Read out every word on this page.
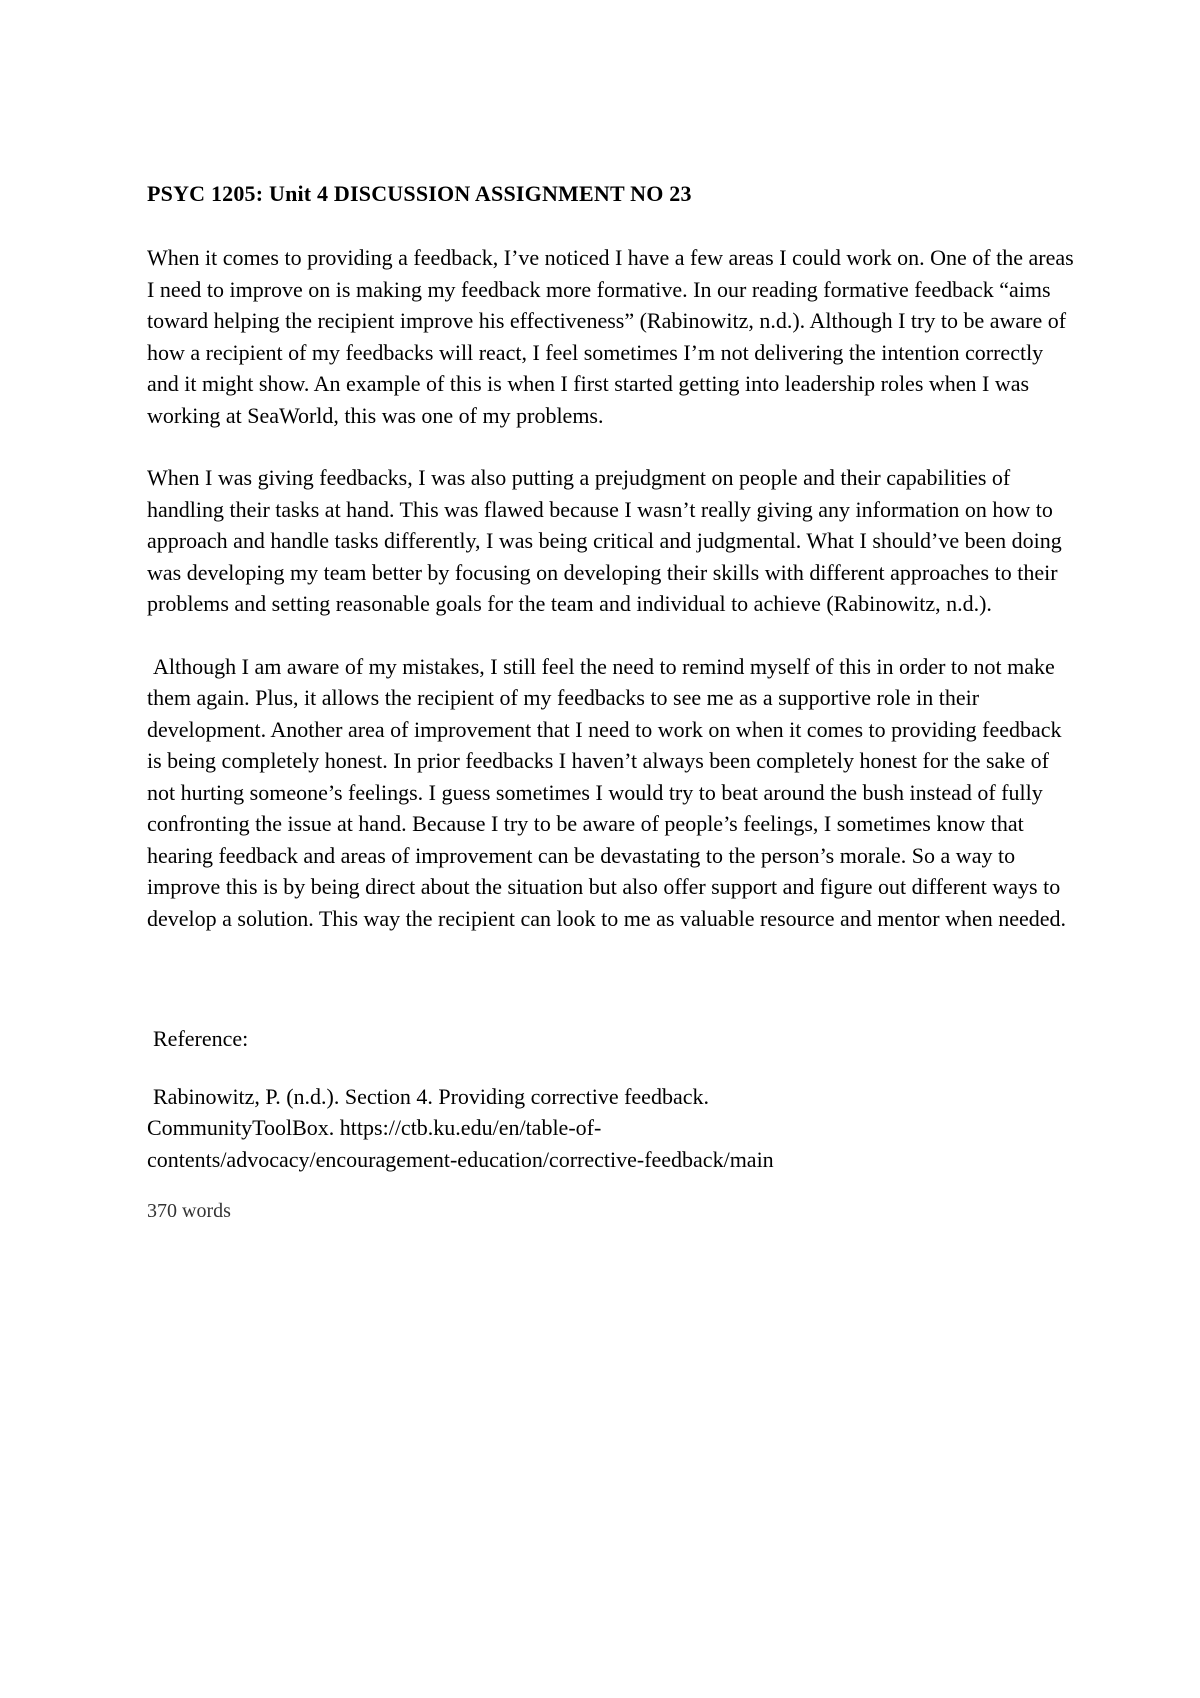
PSYC 1205: Unit 4 DISCUSSION ASSIGNMENT NO 23

When it comes to providing a feedback, I’ve noticed I have a few areas I could work on. One of the areas I need to improve on is making my feedback more formative. In our reading formative feedback “aims toward helping the recipient improve his effectiveness” (Rabinowitz, n.d.). Although I try to be aware of how a recipient of my feedbacks will react, I feel sometimes I’m not delivering the intention correctly and it might show. An example of this is when I first started getting into leadership roles when I was working at SeaWorld, this was one of my problems.

When I was giving feedbacks, I was also putting a prejudgment on people and their capabilities of handling their tasks at hand. This was flawed because I wasn’t really giving any information on how to approach and handle tasks differently, I was being critical and judgmental. What I should’ve been doing was developing my team better by focusing on developing their skills with different approaches to their problems and setting reasonable goals for the team and individual to achieve (Rabinowitz, n.d.).

Although I am aware of my mistakes, I still feel the need to remind myself of this in order to not make them again. Plus, it allows the recipient of my feedbacks to see me as a supportive role in their development. Another area of improvement that I need to work on when it comes to providing feedback is being completely honest. In prior feedbacks I haven’t always been completely honest for the sake of not hurting someone’s feelings. I guess sometimes I would try to beat around the bush instead of fully confronting the issue at hand. Because I try to be aware of people’s feelings, I sometimes know that hearing feedback and areas of improvement can be devastating to the person’s morale. So a way to improve this is by being direct about the situation but also offer support and figure out different ways to develop a solution. This way the recipient can look to me as valuable resource and mentor when needed.

Reference:

Rabinowitz, P. (n.d.). Section 4. Providing corrective feedback.
CommunityToolBox. https://ctb.ku.edu/en/table-of-
contents/advocacy/encouragement-education/corrective-feedback/main

370 words
